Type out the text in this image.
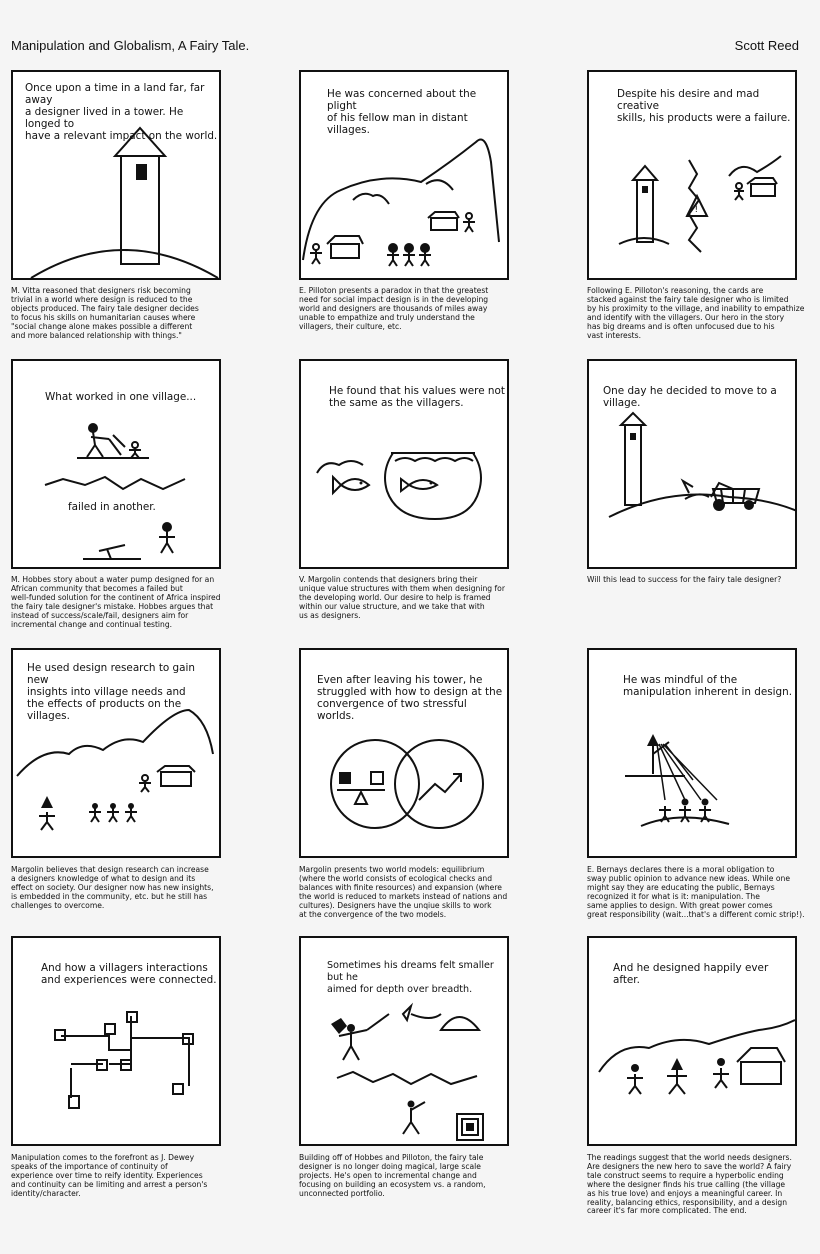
Manipulation and Globalism, A Fairy Tale.	Scott Reed
Once upon a time in a land far, far away
a designer lived in a tower. He longed to
have a relevant impact on the world.
M. Vitta reasoned that designers risk becoming
trivial in a world where design is reduced to the
objects produced. The fairy tale designer decides
to focus his skills on humanitarian causes where
"social change alone makes possible a different
and more balanced relationship with things."
He was concerned about the plight
of his fellow man in distant villages.
E. Pilloton presents a paradox in that the greatest
need for social impact design is in the developing
world and designers are thousands of miles away
unable to empathize and truly understand the
villagers, their culture, etc.
Despite his desire and mad creative
skills, his products were a failure.
!
Following E. Pilloton's reasoning, the cards are
stacked against the fairy tale designer who is limited
by his proximity to the village, and inability to empathize
and identify with the villagers. Our hero in the story
has big dreams and is often unfocused due to his
vast interests.
What worked in one village...
failed in another.
M. Hobbes story about a water pump designed for an
African community that becomes a failed but
well-funded solution for the continent of Africa inspired
the fairy tale designer's mistake. Hobbes argues that
instead of success/scale/fail, designers aim for
incremental change and continual testing.
He found that his values were not
the same as the villagers.
V. Margolin contends that designers bring their
unique value structures with them when designing for
the developing world. Our desire to help is framed
within our value structure, and we take that with
us as designers.
One day he decided to move to a village.
Will this lead to success for the fairy tale designer?
He used design research to gain new
insights into village needs and
the effects of products on the villages.
Margolin believes that design research can increase
a designers knowledge of what to design and its
effect on society. Our designer now has new insights,
is embedded in the community, etc. but he still has
challenges to overcome.
Even after leaving his tower, he
struggled with how to design at the
convergence of two stressful worlds.
Margolin presents two world models: equilibrium
(where the world consists of ecological checks and
balances with finite resources) and expansion (where
the world is reduced to markets instead of nations and
cultures). Designers have the unqiue skills to work
at the convergence of the two models.
He was mindful of the
manipulation inherent in design.
E. Bernays declares there is a moral obligation to
sway public opinion to advance new ideas. While one
might say they are educating the public, Bernays
recognized it for what is it: manipulation. The
same applies to design. With great power comes
great responsibility (wait...that's a different comic strip!).
And how a villagers interactions
and experiences were connected.
Manipulation comes to the forefront as J. Dewey
speaks of the importance of continuity of
experience over time to reify identity. Experiences
and continuity can be limiting and arrest a person's
identity/character.
Sometimes his dreams felt smaller but he
aimed for depth over breadth.
Building off of Hobbes and Pilloton, the fairy tale
designer is no longer doing magical, large scale
projects. He's open to incremental change and
focusing on building an ecosystem vs. a random,
unconnected portfolio.
And he designed happily ever after.
The readings suggest that the world needs designers.
Are designers the new hero to save the world? A fairy
tale construct seems to require a hyperbolic ending
where the designer finds his true calling (the village
as his true love) and enjoys a meaningful career. In
reality, balancing ethics, responsibility, and a design
career it's far more complicated. The end.
